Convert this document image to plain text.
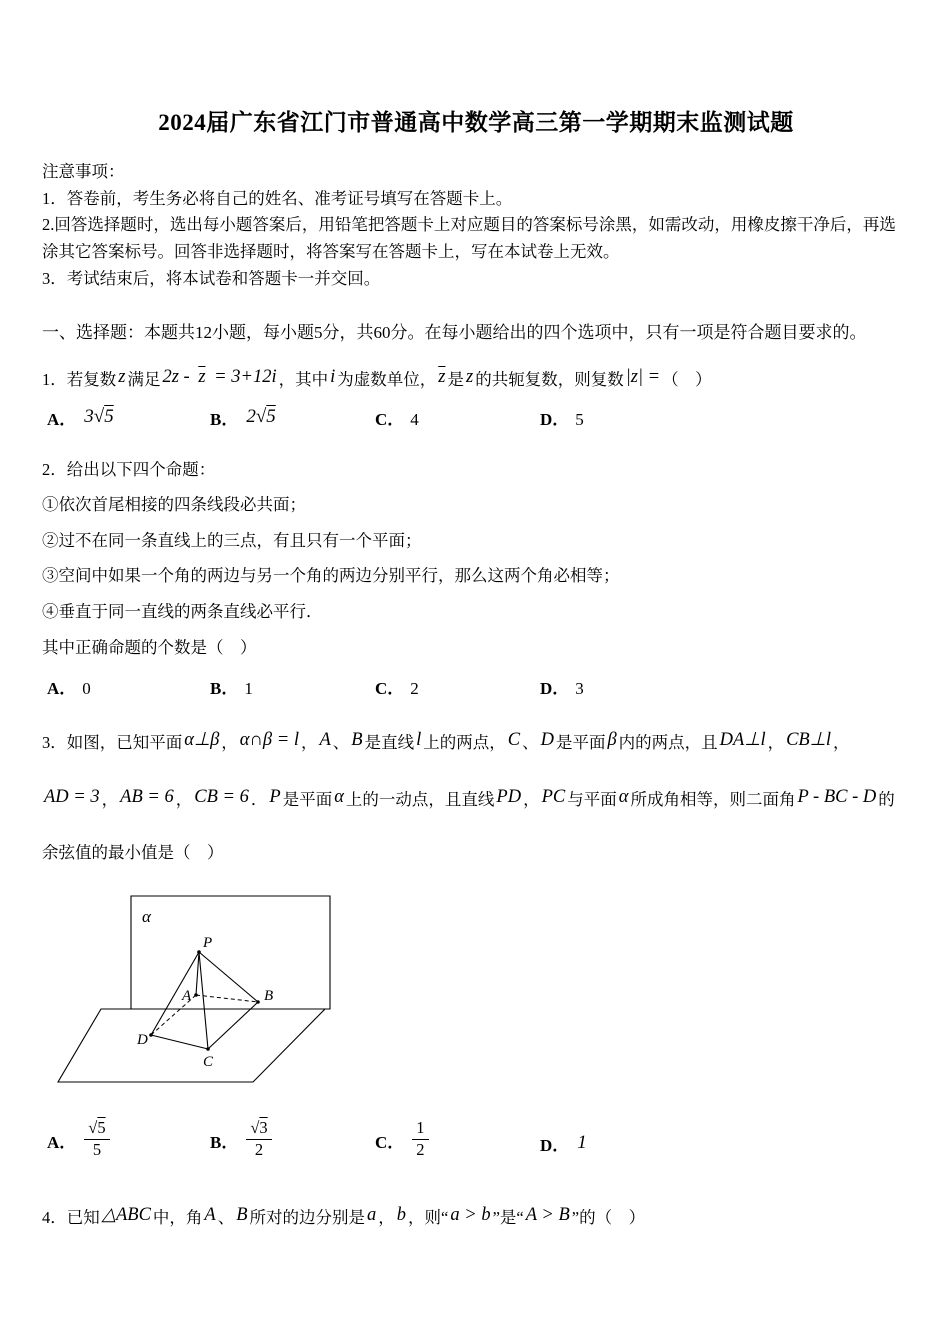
2024届广东省江门市普通高中数学高三第一学期期末监测试题

注意事项：

1．答卷前，考生务必将自己的姓名、准考证号填写在答题卡上。

2.回答选择题时，选出每小题答案后，用铅笔把答题卡上对应题目的答案标号涂黑，如需改动，用橡皮擦干净后，再选涂其它答案标号。回答非选择题时，将答案写在答题卡上，写在本试卷上无效。

3．考试结束后，将本试卷和答题卡一并交回。

一、选择题：本题共12小题，每小题5分，共60分。在每小题给出的四个选项中，只有一项是符合题目要求的。

1．若复数 z 满足 $2z - \overline{z} = 3+12i$ ，其中 i 为虚数单位， $\overline{z}$ 是 z 的共轭复数，则复数 |z| = （　）

A． 3√5	B． 2√5	C． 4	D． 5

2．给出以下四个命题：

①依次首尾相接的四条线段必共面；

②过不在同一条直线上的三点，有且只有一个平面；

③空间中如果一个角的两边与另一个角的两边分别平行，那么这两个角必相等；

④垂直于同一直线的两条直线必平行．

其中正确命题的个数是（　）

A． 0	B． 1	C． 2	D． 3

3．如图，已知平面 α⊥β ， α∩β = l ， A 、 B 是直线 l 上的两点， C 、 D 是平面 β 内的两点，且 DA⊥l ， CB⊥l ，AD = 3 ， AB = 6 ， CB = 6 ． P 是平面 α 上的一动点，且直线 PD ， PC 与平面 α 所成角相等，则二面角 P - BC - D 的余弦值的最小值是（　）

α
P
A	B
D
C
A． $\frac{√5}{5}$	B． $\frac{√3}{2}$	C． $\frac{1}{2}$	D． 1

4．已知 △ABC 中，角 A 、 B 所对的边分别是 a ， b ，则“ a > b ”是“ A > B ”的（　）
